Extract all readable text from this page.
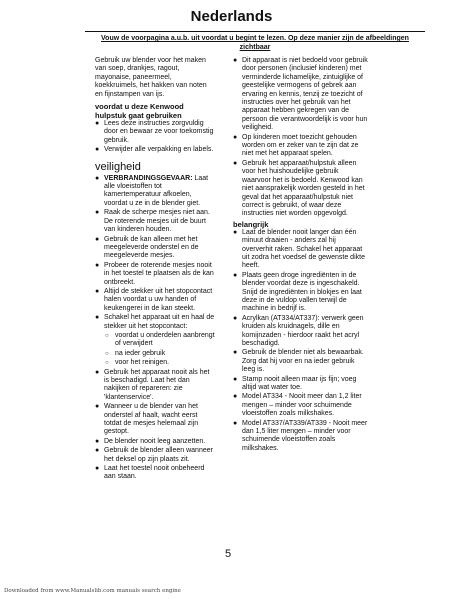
Nederlands
Vouw de voorpagina a.u.b. uit voordat u begint te lezen. Op deze manier zijn de afbeeldingen zichtbaar

Gebruik uw blender voor het maken van soep, drankjes, ragout, mayonaise, paneermeel, koekkruimels, het hakken van noten en fijnstampen van ijs.

voordat u deze Kenwood hulpstuk gaat gebruiken
● Lees deze instructies zorgvuldig door en bewaar ze voor toekomstig gebruik.
● Verwijder alle verpakking en labels.
veiligheid
● VERBRANDINGSGEVAAR: Laat alle vloeistoffen tot kamertemperatuur afkoelen, voordat u ze in de blender giet.
● Raak de scherpe mesjes niet aan. De roterende mesjes uit de buurt van kinderen houden.
● Gebruik de kan alleen met het meegeleverde onderstel en de meegeleverde mesjes.
● Probeer de roterende mesjes nooit in het toestel te plaatsen als de kan ontbreekt.
● Altijd de stekker uit het stopcontact halen voordat u uw handen of keukengerei in de kan steekt.
● Schakel het apparaat uit en haal de stekker uit het stopcontact:
○ voordat u onderdelen aanbrengt of verwijdert
○ na ieder gebruik
○ voor het reinigen.
● Gebruik het apparaat nooit als het is beschadigd. Laat het dan nakijken of repareren: zie 'klantenservice'.
● Wanneer u de blender van het onderstel af haalt, wacht eerst totdat de mesjes helemaal zijn gestopt.
● De blender nooit leeg aanzetten.
● Gebruik de blender alleen wanneer het deksel op zijn plaats zit.
● Laat het toestel nooit onbeheerd aan staan.
● Dit apparaat is niet bedoeld voor gebruik door personen (inclusief kinderen) met verminderde lichamelijke, zintuiglijke of geestelijke vermogens of gebrek aan ervaring en kennis, tenzij ze toezicht of instructies over het gebruik van het apparaat hebben gekregen van de persoon die verantwoordelijk is voor hun veiligheid.
● Op kinderen moet toezicht gehouden worden om er zeker van te zijn dat ze niet met het apparaat spelen.
● Gebruik het apparaat/hulpstuk alleen voor het huishoudelijke gebruik waarvoor het is bedoeld. Kenwood kan niet aansprakelijk worden gesteld in het geval dat het apparaat/hulpstuk niet correct is gebruikt, of waar deze instructies niet worden opgevolgd.
belangrijk
● Laat de blender nooit langer dan één minuut draaien - anders zal hij oververhit raken. Schakel het apparaat uit zodra het voedsel de gewenste dikte heeft.
● Plaats geen droge ingrediënten in de blender voordat deze is ingeschakeld. Snijd de ingrediënten in blokjes en laat deze in de vuldop vallen terwijl de machine in bedrijf is.
● Acrylkan (AT334/AT337): verwerk geen kruiden als kruidnagels, dille en komijnzaden - hierdoor raakt het acryl beschadigd.
● Gebruik de blender niet als bewaarbak. Zorg dat hij voor en na ieder gebruik leeg is.
● Stamp nooit alleen maar ijs fijn; voeg altijd wat water toe.
● Model AT334 - Nooit meer dan 1,2 liter mengen – minder voor schuimende vloeistoffen zoals milkshakes.
● Model AT337/AT339/AT339 - Nooit meer dan 1,5 liter mengen – minder voor schuimende vloeistoffen zoals milkshakes.
5
Downloaded from www.Manualslib.com manuals search engine
